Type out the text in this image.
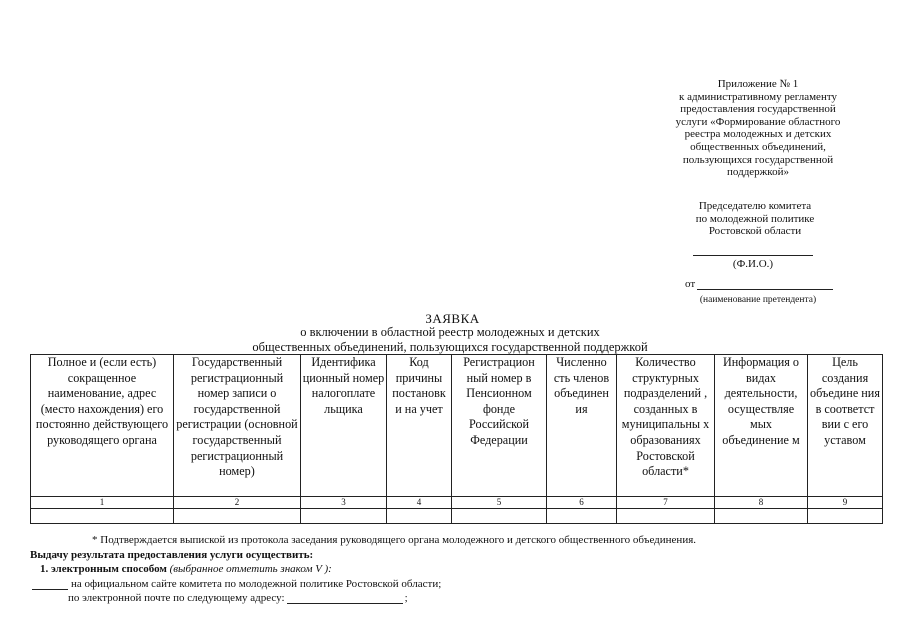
Приложение № 1
к административному регламенту
предоставления государственной
услуги «Формирование областного
реестра молодежных и детских
общественных объединений,
пользующихся государственной
поддержкой»
Председателю комитета
по молодежной политике
Ростовской области
(Ф.И.О.)
от
(наименование претендента)
ЗАЯВКА
о включении в областной реестр молодежных и детских
общественных объединений, пользующихся государственной поддержкой
Полное и (если есть) сокращенное наименование, адрес (место нахождения) его постоянно действующего руководящего органа	Государственный регистрационный номер записи о государственной регистрации (основной государственный регистрационный номер)	Идентифика ционный номер налогоплате льщика	Код причины постановк и на учет	Регистрацион ный номер в Пенсионном фонде Российской Федерации	Численно сть членов объединен ия	Количество структурных подразделений , созданных в муниципальны х образованиях Ростовской области*	Информация о видах деятельности, осуществляе мых объединение м	Цель создания объедине ния в соответст вии с его уставом

1	2	3	4	5	6	7	8	9

* Подтверждается выпиской из протокола заседания руководящего органа молодежного и детского общественного объединения.
Выдачу результата предоставления услуги осуществить:
1. электронным способом (выбранное отметить знаком V ):
на официальном сайте комитета по молодежной политике Ростовской области;
по электронной почте по следующему адресу:	;
